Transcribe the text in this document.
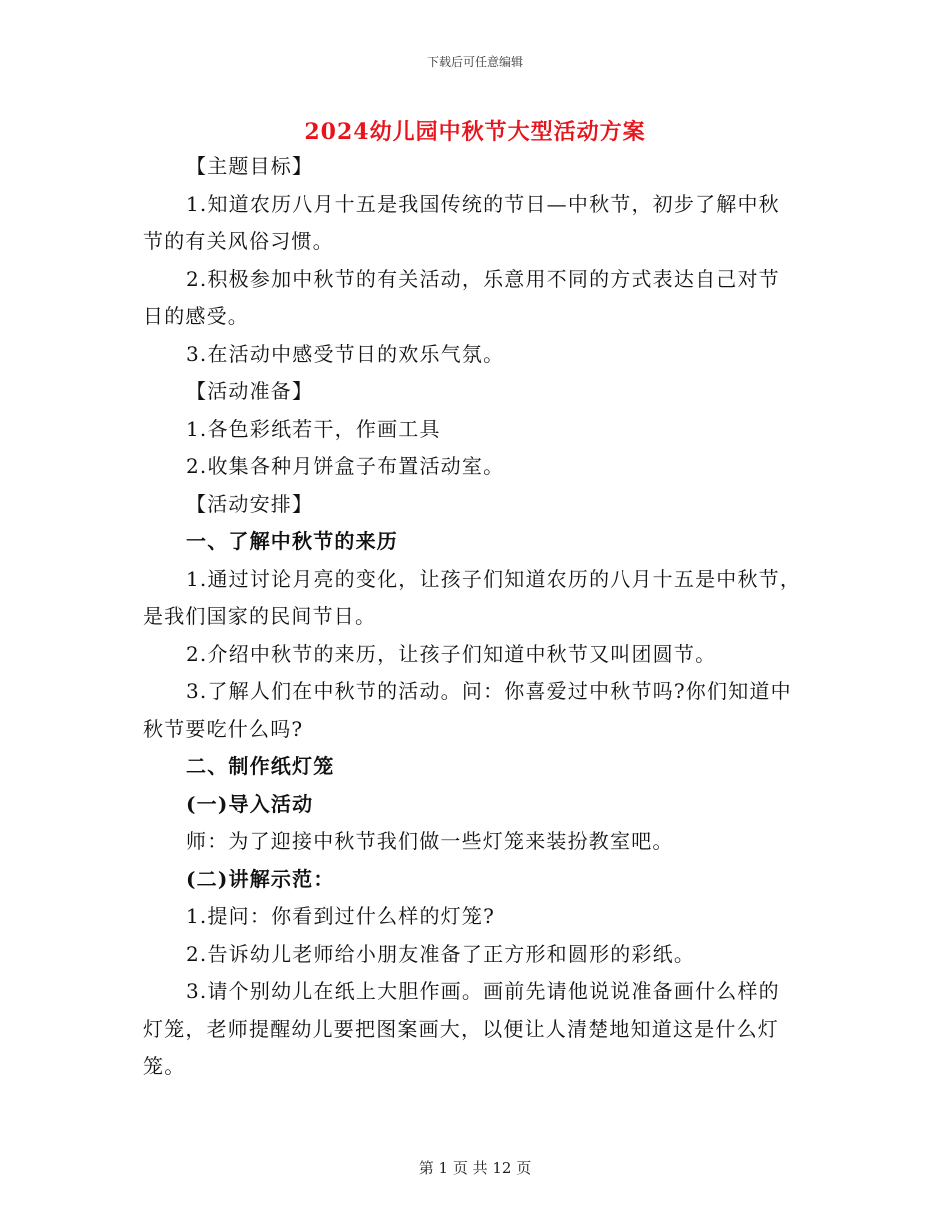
下载后可任意编辑
2024幼儿园中秋节大型活动方案
【主题目标】
1.知道农历八月十五是我国传统的节日—中秋节，初步了解中秋
节的有关风俗习惯。
2.积极参加中秋节的有关活动，乐意用不同的方式表达自己对节
日的感受。
3.在活动中感受节日的欢乐气氛。
【活动准备】
1.各色彩纸若干，作画工具
2.收集各种月饼盒子布置活动室。
【活动安排】
一、了解中秋节的来历
1.通过讨论月亮的变化，让孩子们知道农历的八月十五是中秋节，
是我们国家的民间节日。
2.介绍中秋节的来历，让孩子们知道中秋节又叫团圆节。
3.了解人们在中秋节的活动。问：你喜爱过中秋节吗?你们知道中
秋节要吃什么吗?
二、制作纸灯笼
(一)导入活动
师：为了迎接中秋节我们做一些灯笼来装扮教室吧。
(二)讲解示范：
1.提问：你看到过什么样的灯笼?
2.告诉幼儿老师给小朋友准备了正方形和圆形的彩纸。
3.请个别幼儿在纸上大胆作画。画前先请他说说准备画什么样的
灯笼，老师提醒幼儿要把图案画大，以便让人清楚地知道这是什么灯
笼。
第 1 页 共 12 页
